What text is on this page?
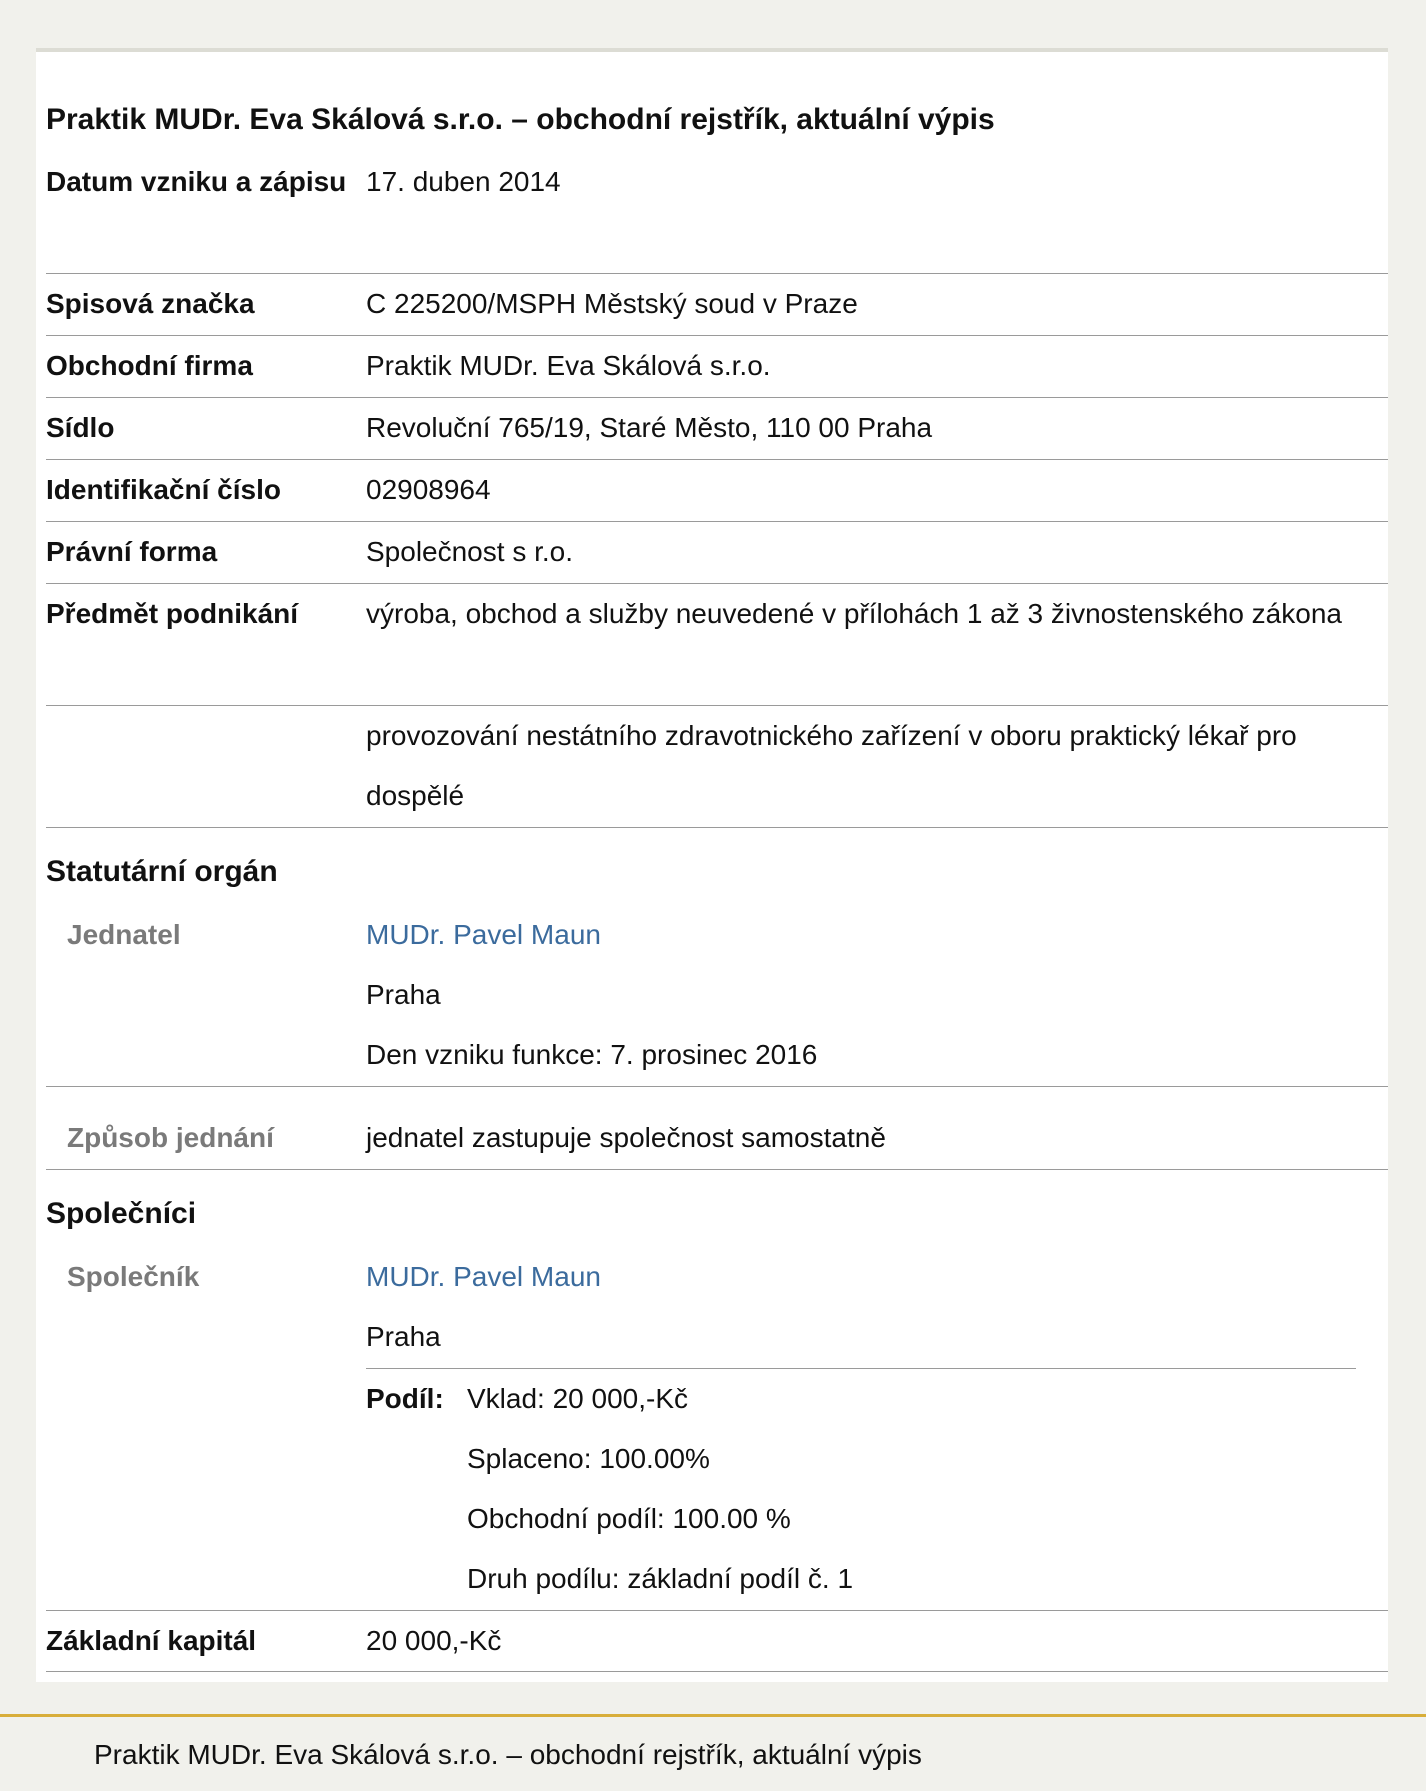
Praktik MUDr. Eva Skálová s.r.o. – obchodní rejstřík, aktuální výpis
Datum vzniku a zápisu 17. duben 2014
Spisová značka	C 225200/MSPH Městský soud v Praze
Obchodní firma	Praktik MUDr. Eva Skálová s.r.o.
Sídlo	Revoluční 765/19, Staré Město, 110 00 Praha
Identifikační číslo	02908964
Právní forma	Společnost s r.o.
Předmět podnikání	výroba, obchod a služby neuvedené v přílohách 1 až 3 živnostenského zákona
provozování nestátního zdravotnického zařízení v oboru praktický lékař pro dospělé
Statutární orgán
Jednatel	MUDr. Pavel Maun
Praha
Den vzniku funkce: 7. prosinec 2016
Způsob jednání	jednatel zastupuje společnost samostatně
Společníci
Společník	MUDr. Pavel Maun
Praha
Podíl: Vklad: 20 000,-Kč
Splaceno: 100.00%
Obchodní podíl: 100.00 %
Druh podílu: základní podíl č. 1
Základní kapitál	20 000,-Kč
Praktik MUDr. Eva Skálová s.r.o. – obchodní rejstřík, aktuální výpis
